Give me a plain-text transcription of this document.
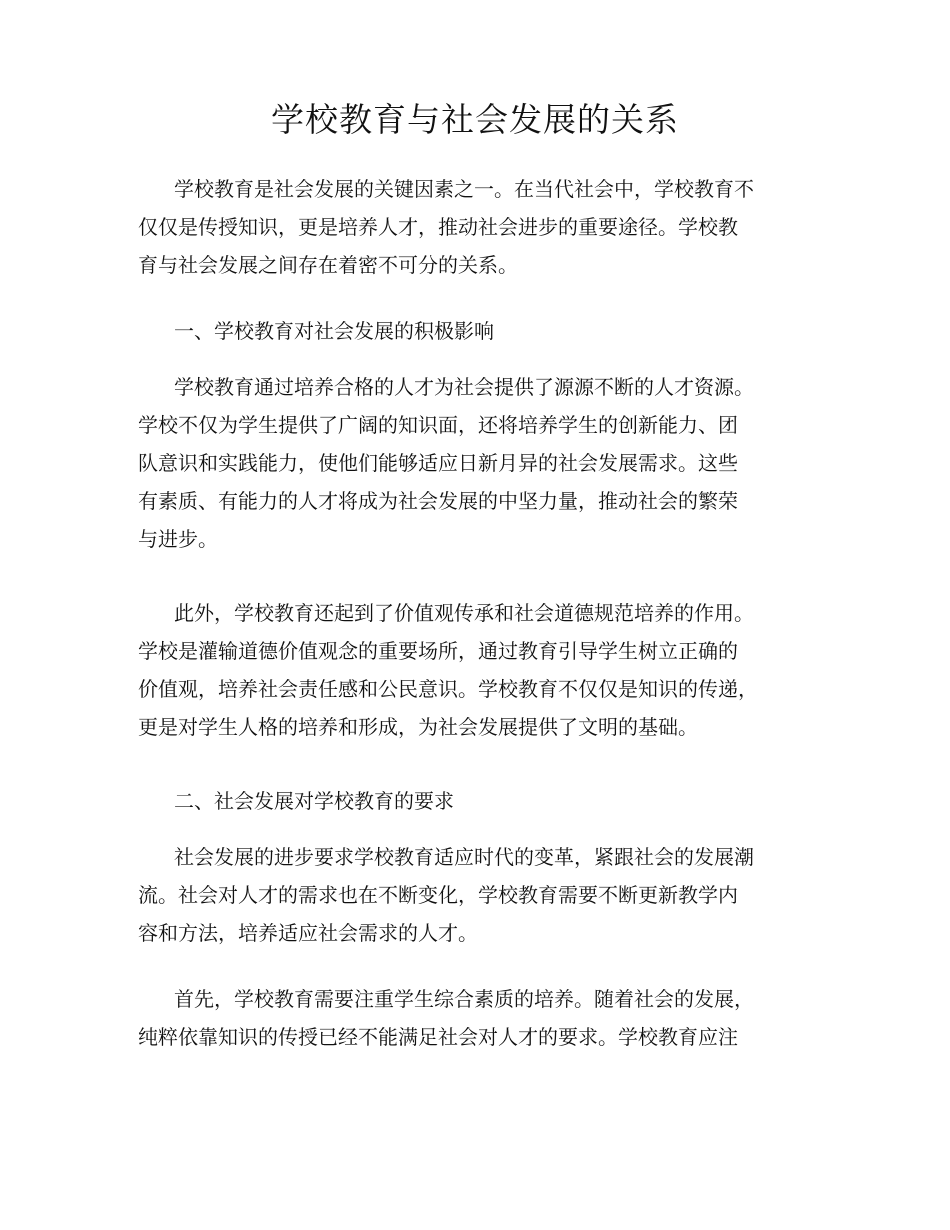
学校教育与社会发展的关系
学校教育是社会发展的关键因素之一。在当代社会中，学校教育不
仅仅是传授知识，更是培养人才，推动社会进步的重要途径。学校教
育与社会发展之间存在着密不可分的关系。
一、学校教育对社会发展的积极影响
学校教育通过培养合格的人才为社会提供了源源不断的人才资源。
学校不仅为学生提供了广阔的知识面，还将培养学生的创新能力、团
队意识和实践能力，使他们能够适应日新月异的社会发展需求。这些
有素质、有能力的人才将成为社会发展的中坚力量，推动社会的繁荣
与进步。
此外，学校教育还起到了价值观传承和社会道德规范培养的作用。
学校是灌输道德价值观念的重要场所，通过教育引导学生树立正确的
价值观，培养社会责任感和公民意识。学校教育不仅仅是知识的传递，
更是对学生人格的培养和形成，为社会发展提供了文明的基础。
二、社会发展对学校教育的要求
社会发展的进步要求学校教育适应时代的变革，紧跟社会的发展潮
流。社会对人才的需求也在不断变化，学校教育需要不断更新教学内
容和方法，培养适应社会需求的人才。
首先，学校教育需要注重学生综合素质的培养。随着社会的发展，
纯粹依靠知识的传授已经不能满足社会对人才的要求。学校教育应注
